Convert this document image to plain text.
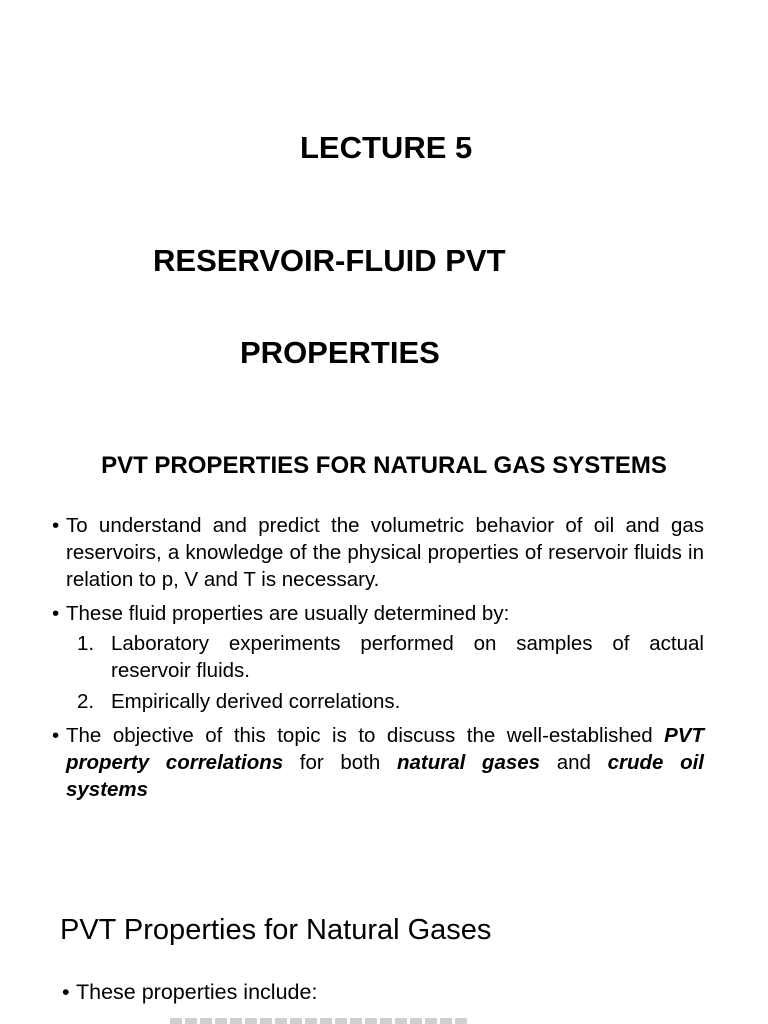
LECTURE 5
RESERVOIR-FLUID PVT
PROPERTIES
PVT PROPERTIES FOR NATURAL GAS SYSTEMS
• To understand and predict the volumetric behavior of oil and gas reservoirs, a knowledge of the physical properties of reservoir fluids in relation to p, V and T is necessary.
• These fluid properties are usually determined by:
1. Laboratory experiments performed on samples of actual reservoir fluids.
2. Empirically derived correlations.
• The objective of this topic is to discuss the well-established PVT property correlations for both natural gases and crude oil systems
PVT Properties for Natural Gases
• These properties include:
